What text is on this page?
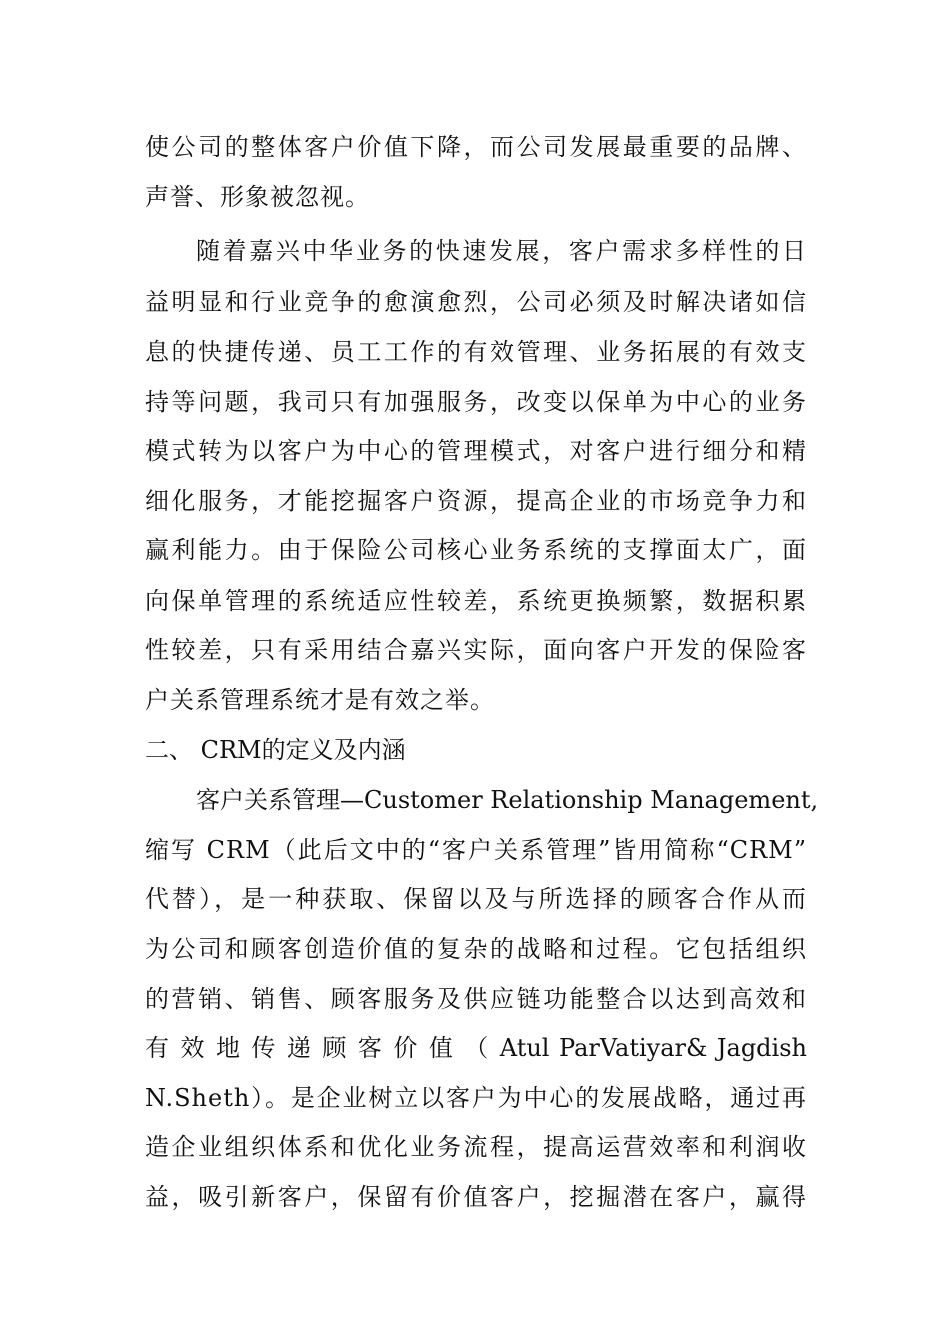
使公司的整体客户价值下降，而公司发展最重要的品牌、
声誉、形象被忽视。
随着嘉兴中华业务的快速发展，客户需求多样性的日
益明显和行业竞争的愈演愈烈，公司必须及时解决诸如信
息的快捷传递、员工工作的有效管理、业务拓展的有效支
持等问题，我司只有加强服务，改变以保单为中心的业务
模式转为以客户为中心的管理模式，对客户进行细分和精
细化服务，才能挖掘客户资源，提高企业的市场竞争力和
赢利能力。由于保险公司核心业务系统的支撑面太广，面
向保单管理的系统适应性较差，系统更换频繁，数据积累
性较差，只有采用结合嘉兴实际，面向客户开发的保险客
户关系管理系统才是有效之举。
二、 CRM的定义及内涵
客户关系管理—Customer Relationship Management,
缩写 CRM（此后文中的“客户关系管理”皆用简称“CRM”
代替），是一种获取、保留以及与所选择的顾客合作从而
为公司和顾客创造价值的复杂的战略和过程。它包括组织
的营销、销售、顾客服务及供应链功能整合以达到高效和
有 效 地 传 递 顾 客 价 值 （ Atul ParVatiyar& Jagdish
N.Sheth）。是企业树立以客户为中心的发展战略，通过再
造企业组织体系和优化业务流程，提高运营效率和利润收
益，吸引新客户，保留有价值客户，挖掘潜在客户，赢得
